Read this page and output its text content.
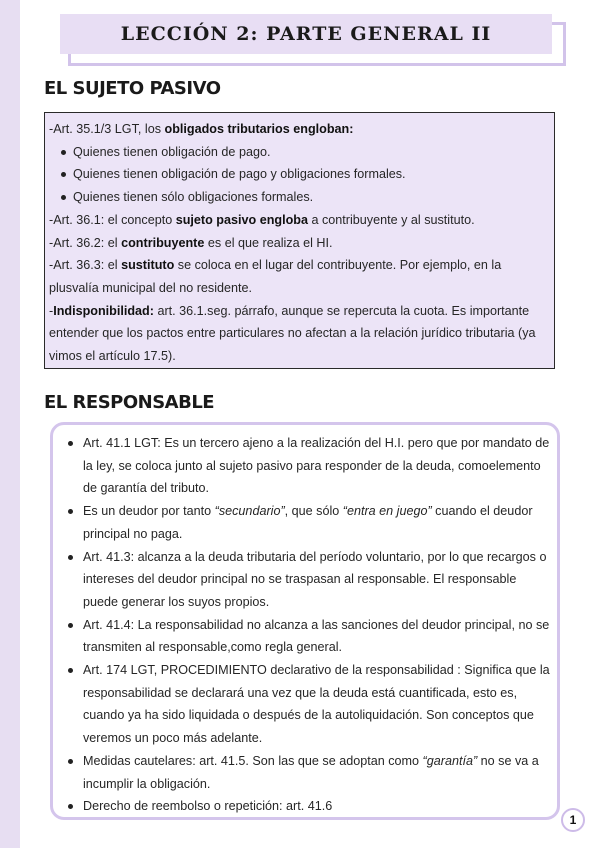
LECCIÓN 2: PARTE GENERAL II
EL SUJETO PASIVO
-Art. 35.1/3 LGT, los obligados tributarios engloban:
Quienes tienen obligación de pago.
Quienes tienen obligación de pago y obligaciones formales.
Quienes tienen sólo obligaciones formales.
-Art. 36.1: el concepto sujeto pasivo engloba a contribuyente y al sustituto.
-Art. 36.2: el contribuyente es el que realiza el HI.
-Art. 36.3: el sustituto se coloca en el lugar del contribuyente. Por ejemplo, en la plusvalía municipal del no residente.
-Indisponibilidad: art. 36.1.seg. párrafo, aunque se repercuta la cuota. Es importante entender que los pactos entre particulares no afectan a la relación jurídico tributaria (ya vimos el artículo 17.5).
EL RESPONSABLE
Art. 41.1 LGT: Es un tercero ajeno a la realización del H.I. pero que por mandato de la ley, se coloca junto al sujeto pasivo para responder de la deuda, comoelemento de garantía del tributo.
Es un deudor por tanto “secundario”, que sólo “entra en juego” cuando el deudor principal no paga.
Art. 41.3: alcanza a la deuda tributaria del período voluntario, por lo que recargos o intereses del deudor principal no se traspasan al responsable. El responsable puede generar los suyos propios.
Art. 41.4: La responsabilidad no alcanza a las sanciones del deudor principal, no se transmiten al responsable,como regla general.
Art. 174 LGT, PROCEDIMIENTO declarativo de la responsabilidad : Significa que la responsabilidad se declarará una vez que la deuda está cuantificada, esto es, cuando ya ha sido liquidada o después de la autoliquidación. Son conceptos que veremos un poco más adelante.
Medidas cautelares: art. 41.5. Son las que se adoptan como “garantía” no se va a incumplir la obligación.
Derecho de reembolso o repetición: art. 41.6
1
